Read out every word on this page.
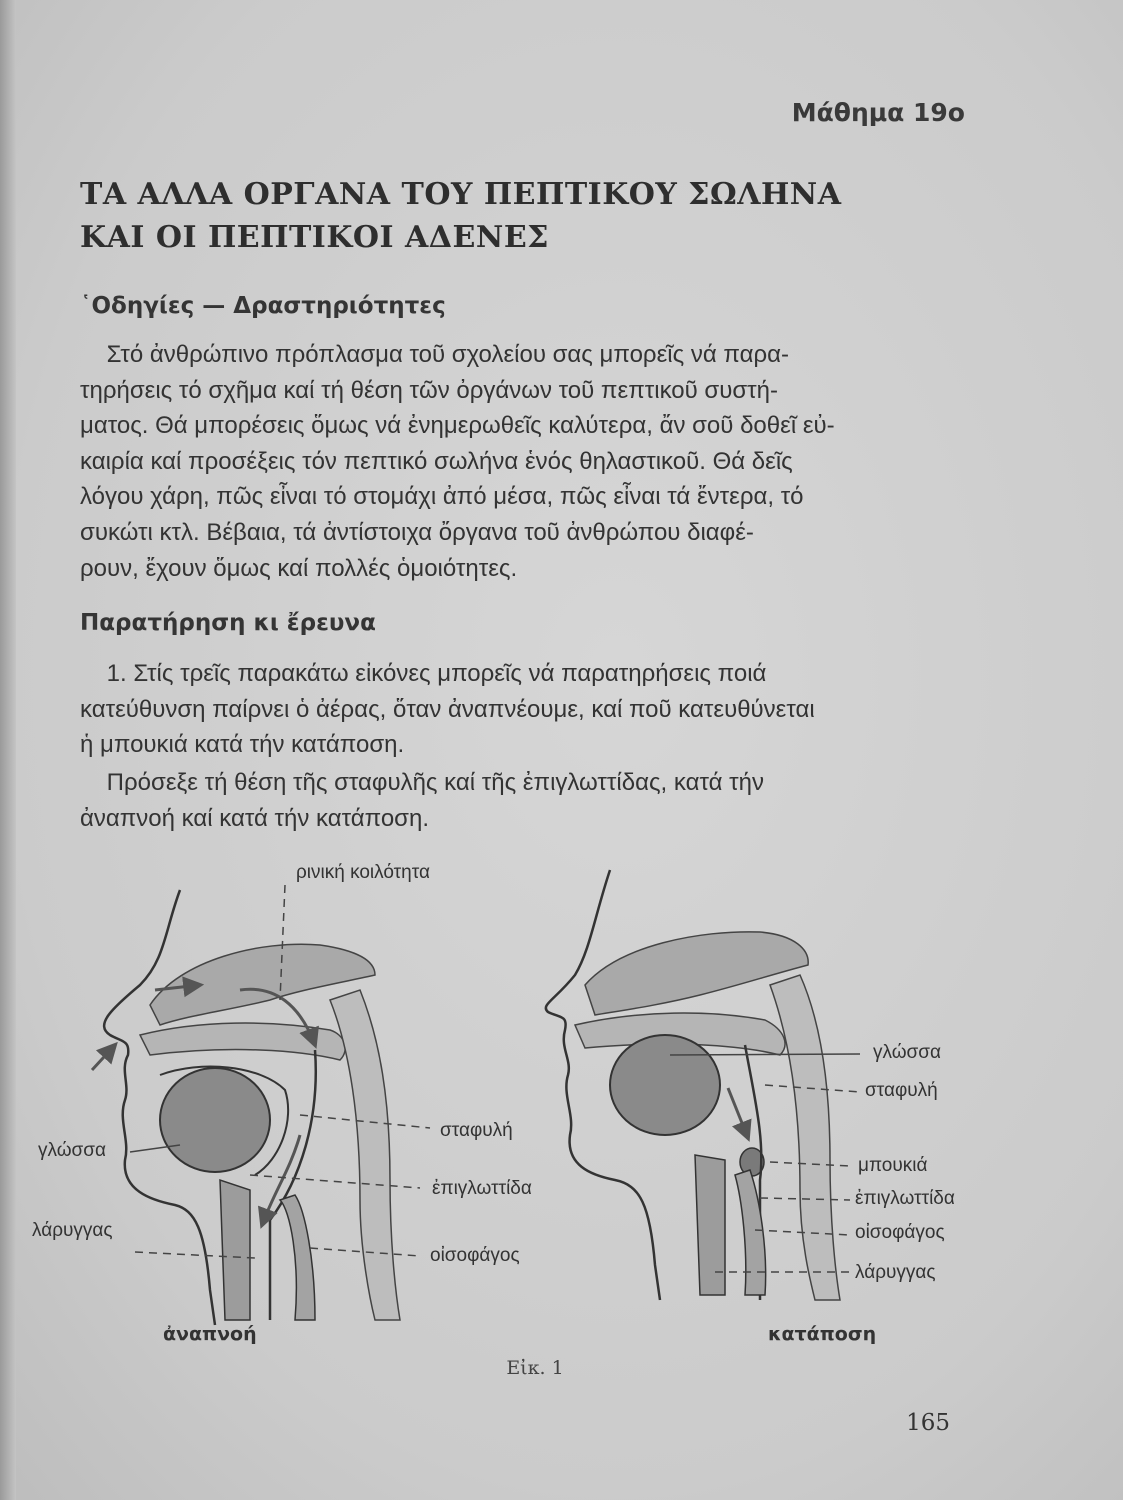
Μάθημα 19ο
ΤΑ ΑΛΛΑ ΟΡΓΑΝΑ ΤΟΥ ΠΕΠΤΙΚΟΥ ΣΩΛΗΝΑ
ΚΑΙ ΟΙ ΠΕΠΤΙΚΟΙ ΑΔΕΝΕΣ
῾Οδηγίες — Δραστηριότητες
Στό ἀνθρώπινο πρόπλασμα τοῦ σχολείου σας μπορεῖς νά παρα-
τηρήσεις τό σχῆμα καί τή θέση τῶν ὀργάνων τοῦ πεπτικοῦ συστή-
ματος. Θά μπορέσεις ὅμως νά ἐνημερωθεῖς καλύτερα, ἄν σοῦ δοθεῖ εὐ-
καιρία καί προσέξεις τόν πεπτικό σωλήνα ἑνός θηλαστικοῦ. Θά δεῖς
λόγου χάρη, πῶς εἶναι τό στομάχι ἀπό μέσα, πῶς εἶναι τά ἔντερα, τό
συκώτι κτλ. Βέβαια, τά ἀντίστοιχα ὄργανα τοῦ ἀνθρώπου διαφέ-
ρουν, ἔχουν ὅμως καί πολλές ὁμοιότητες.
Παρατήρηση κι ἔρευνα
1. Στίς τρεῖς παρακάτω εἰκόνες μπορεῖς νά παρατηρήσεις ποιά
κατεύθυνση παίρνει ὁ ἀέρας, ὅταν ἀναπνέουμε, καί ποῦ κατευθύνεται
ἡ μπουκιά κατά τήν κατάποση.
Πρόσεξε τή θέση τῆς σταφυλῆς καί τῆς ἐπιγλωττίδας, κατά τήν
ἀναπνοή καί κατά τήν κατάποση.
ρινική κοιλότητα
σταφυλή
ἐπιγλωττίδα
γλώσσα
λάρυγγας
οἰσοφάγος
ἀναπνοή
γλώσσα
σταφυλή
μπουκιά
ἐπιγλωττίδα
οἰσοφάγος
λάρυγγας
κατάποση
Εἰκ. 1
165
